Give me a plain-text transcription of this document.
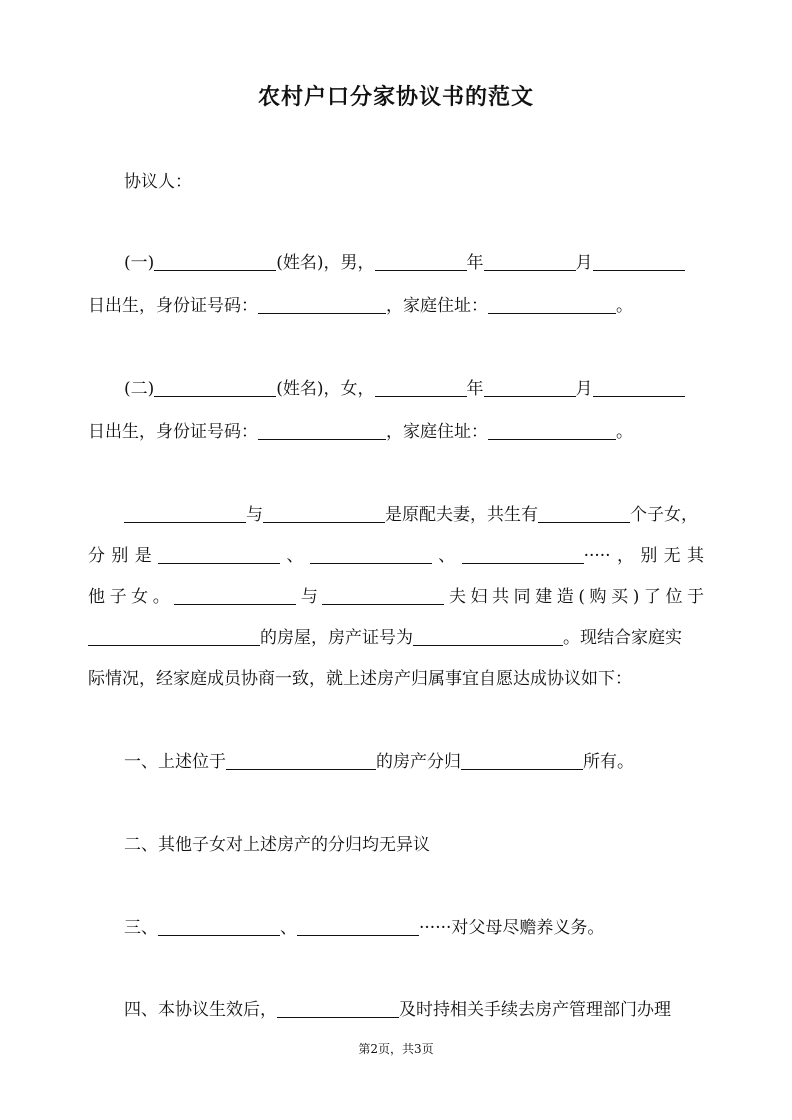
农村户口分家协议书的范文
协议人：
(一)	(姓名)，男，	年	月
日出生，身份证号码：	，家庭住址：	。
(二)	(姓名)，女，	年	月
日出生，身份证号码：	，家庭住址：	。
与	是原配夫妻，共生有	个子女，
分别是	、	、	·····，别无其
他子女。	与	夫妇共同建造(购买)了位于
的房屋，房产证号为	。现结合家庭实
际情况，经家庭成员协商一致，就上述房产归属事宜自愿达成协议如下：
一、上述位于	的房产分归	所有。
二、其他子女对上述房产的分归均无异议
三、	、	······对父母尽赡养义务。
四、本协议生效后，	及时持相关手续去房产管理部门办理
第2页，共3页
